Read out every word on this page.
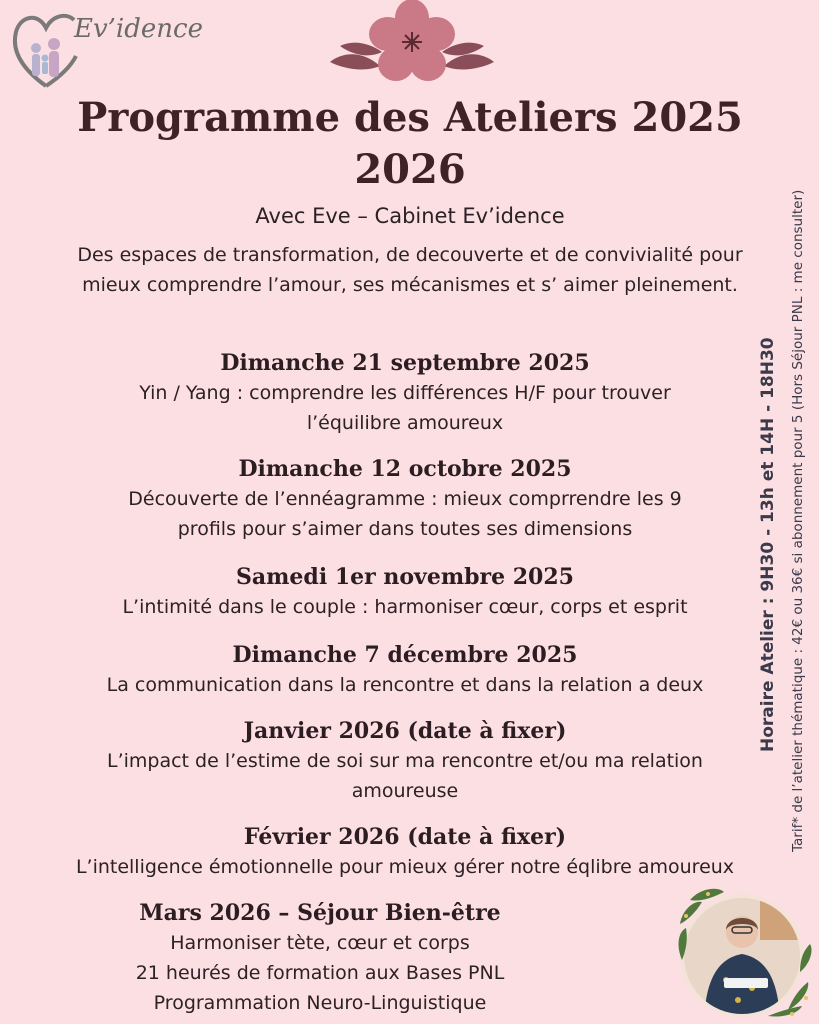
Ev’idence
Programme des Ateliers 2025
2026
Avec Eve – Cabinet Ev’idence
Des espaces de transformation, de decouverte et de convivialité pour mieux comprendre l’amour, ses mécanismes et s’ aimer pleinement.
Dimanche 21 septembre 2025
Yin / Yang : comprendre les différences H/F pour trouver
l’équilibre amoureux
Dimanche 12 octobre 2025
Découverte de l’ennéagramme : mieux comprrendre les 9
profils pour s’aimer dans toutes ses dimensions
Samedi 1er novembre 2025
L’intimité dans le couple : harmoniser cœur, corps et esprit
Dimanche 7 décembre 2025
La communication dans la rencontre et dans la relation a deux
Janvier 2026 (date à fixer)
L’impact de l’estime de soi sur ma rencontre et/ou ma relation
amoureuse
Février 2026 (date à fixer)
L’intelligence émotionnelle pour mieux gérer notre éqlibre amoureux
Mars 2026 – Séjour Bien-être
Harmoniser tète, cœur et corps
21 heurés de formation aux Bases PNL
Programmation Neuro-Linguistique
Horaire Atelier : 9H30 - 13h et 14H - 18H30 Tarif* de l’atelier thématique : 42€ ou 36€ si abonnement pour 5 (Hors Séjour PNL : me consulter)
